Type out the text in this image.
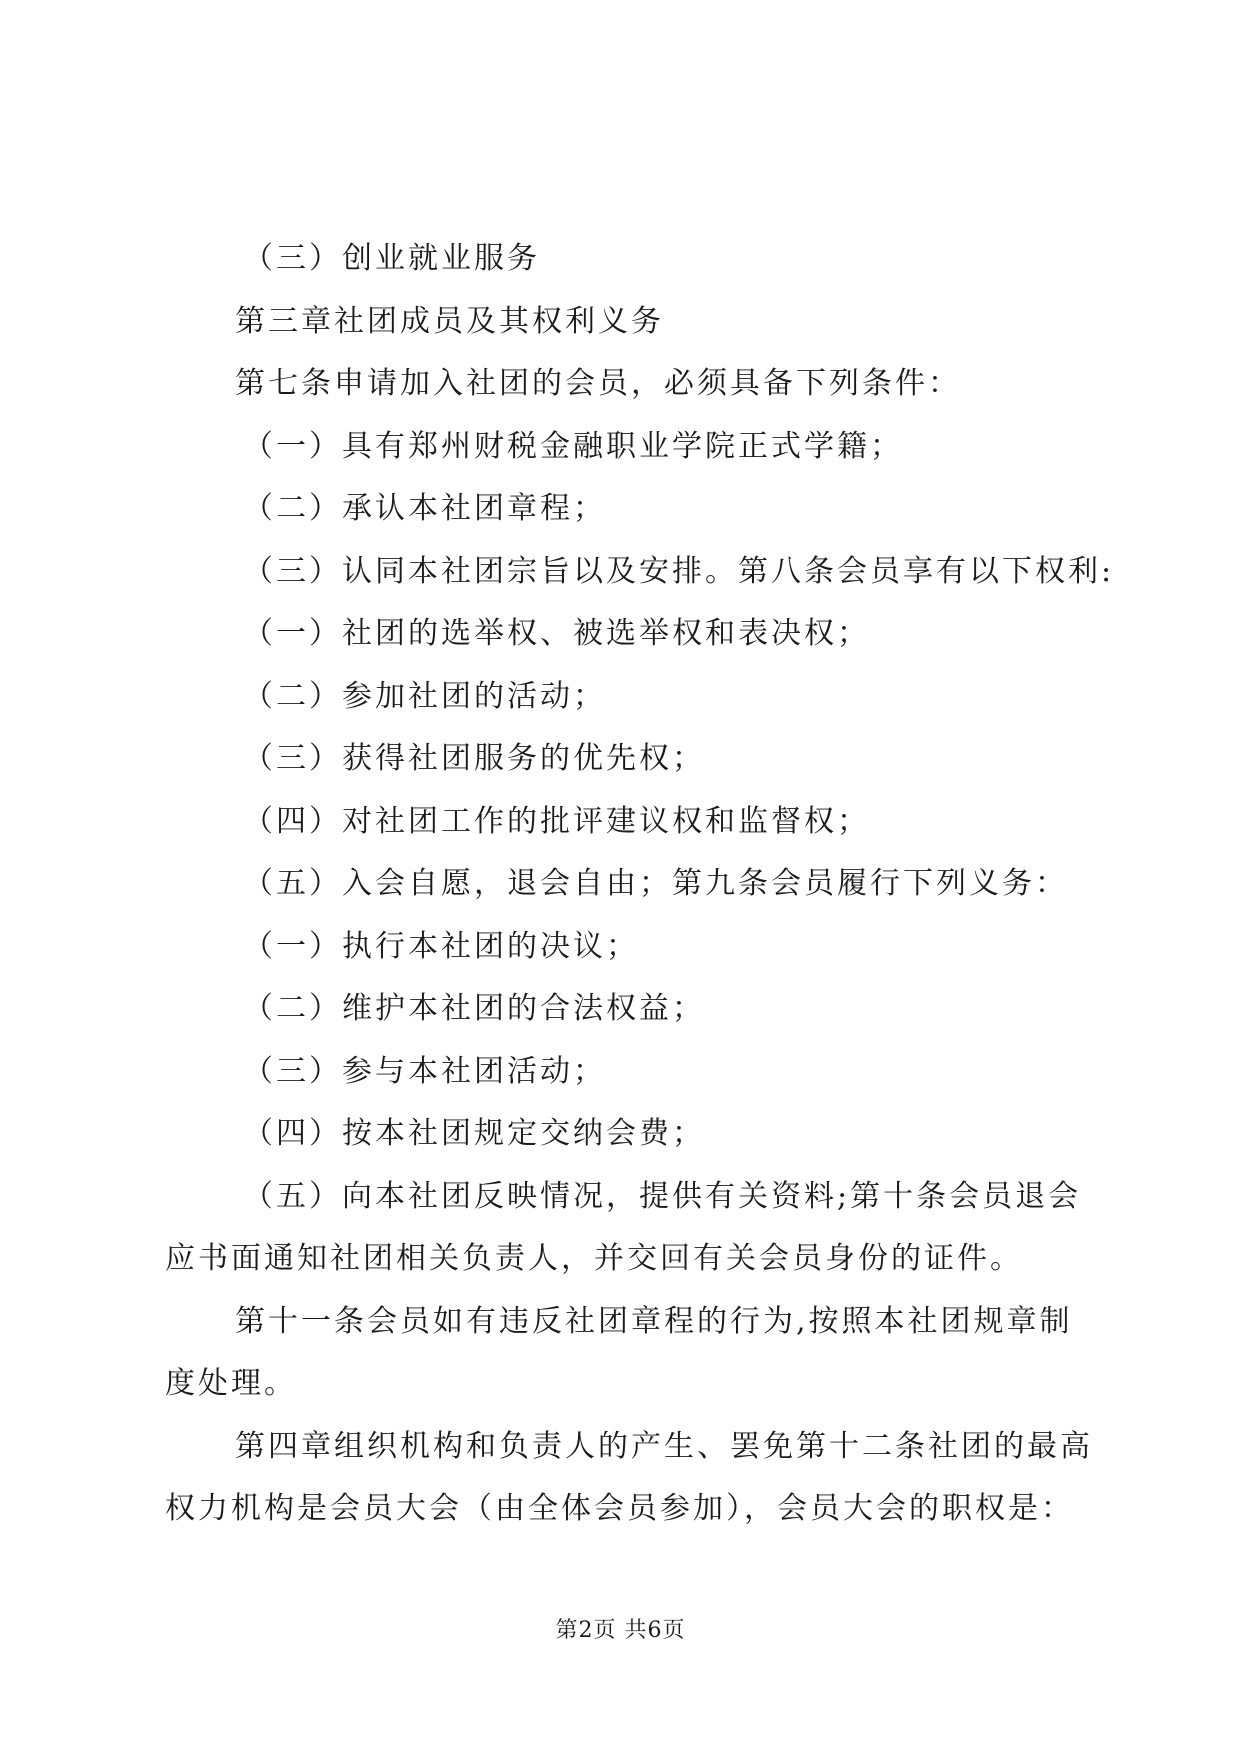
（三）创业就业服务
第三章社团成员及其权利义务
第七条申请加入社团的会员，必须具备下列条件：
（一）具有郑州财税金融职业学院正式学籍；
（二）承认本社团章程；
（三）认同本社团宗旨以及安排。第八条会员享有以下权利:
（一）社团的选举权、被选举权和表决权；
（二）参加社团的活动；
（三）获得社团服务的优先权；
（四）对社团工作的批评建议权和监督权；
（五）入会自愿，退会自由；第九条会员履行下列义务：
（一）执行本社团的决议；
（二）维护本社团的合法权益；
（三）参与本社团活动；
（四）按本社团规定交纳会费；
（五）向本社团反映情况，提供有关资料;第十条会员退会
应书面通知社团相关负责人，并交回有关会员身份的证件。
第十一条会员如有违反社团章程的行为,按照本社团规章制
度处理。
第四章组织机构和负责人的产生、罢免第十二条社团的最高
权力机构是会员大会（由全体会员参加），会员大会的职权是：
第2页 共6页
